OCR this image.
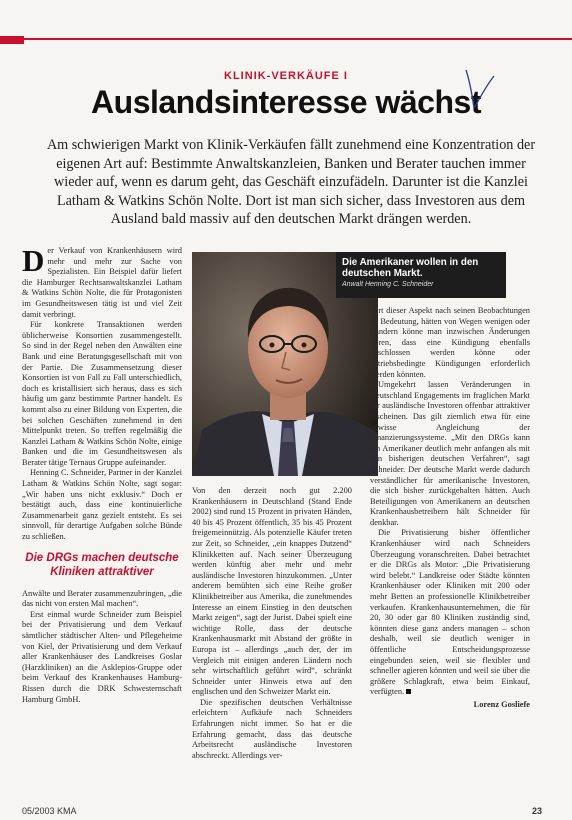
KLINIK-VERKÄUFE I
Auslandsinteresse wächst
Am schwierigen Markt von Klinik-Verkäufen fällt zunehmend eine Konzentration der eigenen Art auf: Bestimmte Anwaltskanzleien, Banken und Berater tauchen immer wieder auf, wenn es darum geht, das Geschäft einzufädeln. Darunter ist die Kanzlei Latham & Watkins Schön Nolte. Dort ist man sich sicher, dass Investoren aus dem Ausland bald massiv auf den deutschen Markt drängen werden.

Der Verkauf von Krankenhäusern wird mehr und mehr zur Sache von Spezialisten. Ein Beispiel dafür liefert die Hamburger Rechtsanwaltskanzlei Latham & Watkins Schön Nolte, die für Protagonisten im Gesundheitswesen tätig ist und viel Zeit damit verbringt.

Für konkrete Transaktionen werden üblicherweise Konsortien zusammengestellt. So sind in der Regel neben den Anwälten eine Bank und eine Beratungsgesellschaft mit von der Partie. Die Zusammensetzung dieser Konsortien ist von Fall zu Fall unterschiedlich, doch es kristallisiert sich heraus, dass es sich häufig um ganz bestimmte Partner handelt. Es kommt also zu einer Bildung von Experten, die bei solchen Geschäften zunehmend in den Mittelpunkt treten. So treffen regelmäßig die Kanzlei Latham & Watkins Schön Nolte, einige Banken und die im Gesundheitswesen als Berater tätige Ternaus Gruppe aufeinander.

Henning C. Schneider, Partner in der Kanzlei Latham & Watkins Schön Nolte, sagt sogar: „Wir haben uns nicht exklusiv.“ Doch er bestätigt auch, dass eine kontinuierliche Zusammenarbeit ganz gezielt entsteht. Es sei sinnvoll, für derartige Aufgaben solche Bünde zu schließen.

Die DRGs machen deutsche Kliniken attraktiver

Anwälte und Berater zusammenzubringen, „die das nicht von ersten Mal machen“.

Erst einmal wurde Schneider zum Beispiel bei der Privatisierung und dem Verkauf sämtlicher städtischer Alten- und Pflegeheime von Kiel, der Privatisierung und dem Verkauf aller Krankenhäuser des Landkreises Goslar (Harzkliniken) an die Asklepios-Gruppe oder beim Verkauf des Krankenhauses Hamburg-Rissen durch die DRK Schwesternschaft Hamburg GmbH.

Die Amerikaner wollen in den deutschen Markt.
Anwalt Henning C. Schneider

Von den derzeit noch gut 2.200 Krankenhäusern in Deutschland (Stand Ende 2002) sind rund 15 Prozent in privaten Händen, 40 bis 45 Prozent öffentlich, 35 bis 45 Prozent freigemeinnützig. Als potenzielle Käufer treten zur Zeit, so Schneider, „ein knappes Dutzend“ Klinikketten auf. Nach seiner Überzeugung werden künftig aber mehr und mehr ausländische Investoren hinzukommen. „Unter anderem bemühten sich eine Reihe großer Klinikbetreiber aus Amerika, die zunehmendes Interesse an einem Einstieg in den deutschen Markt zeigen“, sagt der Jurist. Dabei spielt eine wichtige Rolle, dass der deutsche Krankenhausmarkt mit Abstand der größte in Europa ist – allerdings „auch der, der im Vergleich mit einigen anderen Ländern noch sehr wirtschaftlich geführt wird“, schränkt Schneider unter Hinweis etwa auf den englischen und den Schweizer Markt ein.

Die spezifischen deutschen Verhältnisse erleichtern Aufkäufe nach Schneiders Erfahrungen nicht immer. So hat er die Erfahrung gemacht, dass das deutsche Arbeitsrecht ausländische Investoren abschreckt. Allerdings ver-

liert dieser Aspekt nach seinen Beobachtungen an Bedeutung, hätten von Wegen wenigen oder Ländern könne man inzwischen Änderungen hören, dass eine Kündigung ebenfalls geschlossen werden könne oder betriebsbedingte Kündigungen erforderlich werden könnten.

Umgekehrt lassen Veränderungen in Deutschland Engagements im fraglichen Markt für ausländische Investoren offenbar attraktiver erscheinen. Das gilt ziemlich etwa für eine gewisse Angleichung der Finanzierungssysteme. „Mit den DRGs kann ein Amerikaner deutlich mehr anfangen als mit den bisherigen deutschen Verfahren“, sagt Schneider. Der deutsche Markt werde dadurch verständlicher für amerikanische Investoren, die sich bisher zurückgehalten hätten. Auch Beteiligungen von Amerikanern an deutschen Krankenhausbetreibern hält Schneider für denkbar.

Die Privatisierung bisher öffentlicher Krankenhäuser wird nach Schneiders Überzeugung voranschreiten. Dabei betrachtet er die DRGs als Motor: „Die Privatisierung wird belebt.“ Landkreise oder Städte könnten Krankenhäuser oder Kliniken mit 200 oder mehr Betten an professionelle Klinikbetreiber verkaufen. Krankenhausunternehmen, die für 20, 30 oder gar 80 Kliniken zuständig sind, könnten diese ganz anders managen – schon deshalb, weil sie deutlich weniger in öffentliche Entscheidungsprozesse eingebunden seien, weil sie flexibler und schneller agieren könnten und weil sie über die größere Schlagkraft, etwa beim Einkauf, verfügten.

Lorenz Gosliefe
05/2003 KMA	23
